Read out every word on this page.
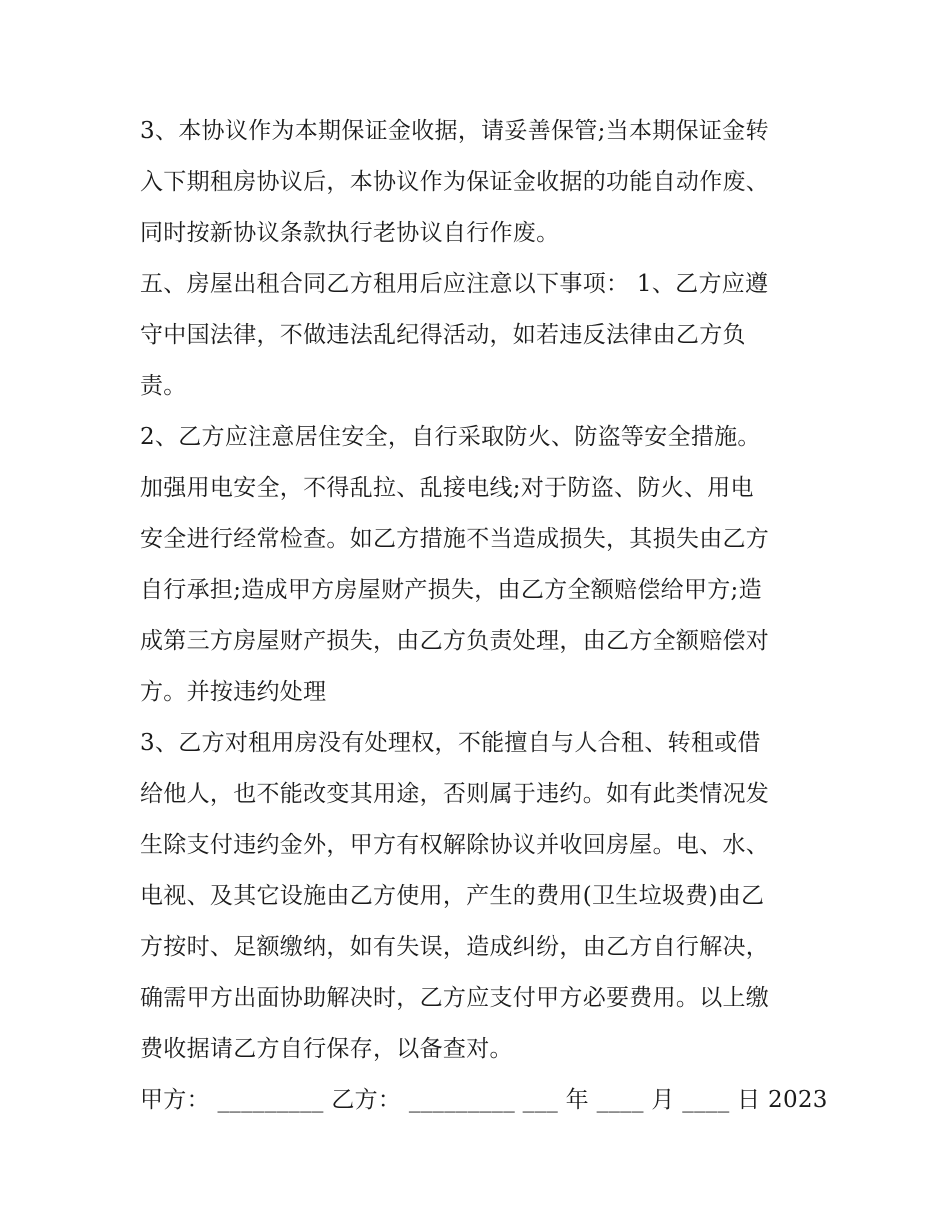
3、本协议作为本期保证金收据，请妥善保管;当本期保证金转
入下期租房协议后，本协议作为保证金收据的功能自动作废、
同时按新协议条款执行老协议自行作废。
五、房屋出租合同乙方租用后应注意以下事项： 1、乙方应遵
守中国法律，不做违法乱纪得活动，如若违反法律由乙方负
责。
2、乙方应注意居住安全，自行采取防火、防盗等安全措施。
加强用电安全，不得乱拉、乱接电线;对于防盗、防火、用电
安全进行经常检查。如乙方措施不当造成损失，其损失由乙方
自行承担;造成甲方房屋财产损失，由乙方全额赔偿给甲方;造
成第三方房屋财产损失，由乙方负责处理，由乙方全额赔偿对
方。并按违约处理
3、乙方对租用房没有处理权，不能擅自与人合租、转租或借
给他人，也不能改变其用途，否则属于违约。如有此类情况发
生除支付违约金外，甲方有权解除协议并收回房屋。电、水、
电视、及其它设施由乙方使用，产生的费用(卫生垃圾费)由乙
方按时、足额缴纳，如有失误，造成纠纷，由乙方自行解决，
确需甲方出面协助解决时，乙方应支付甲方必要费用。以上缴
费收据请乙方自行保存，以备查对。
甲方： _________ 乙方： _________ ___ 年 ____ 月 ____ 日 2023
